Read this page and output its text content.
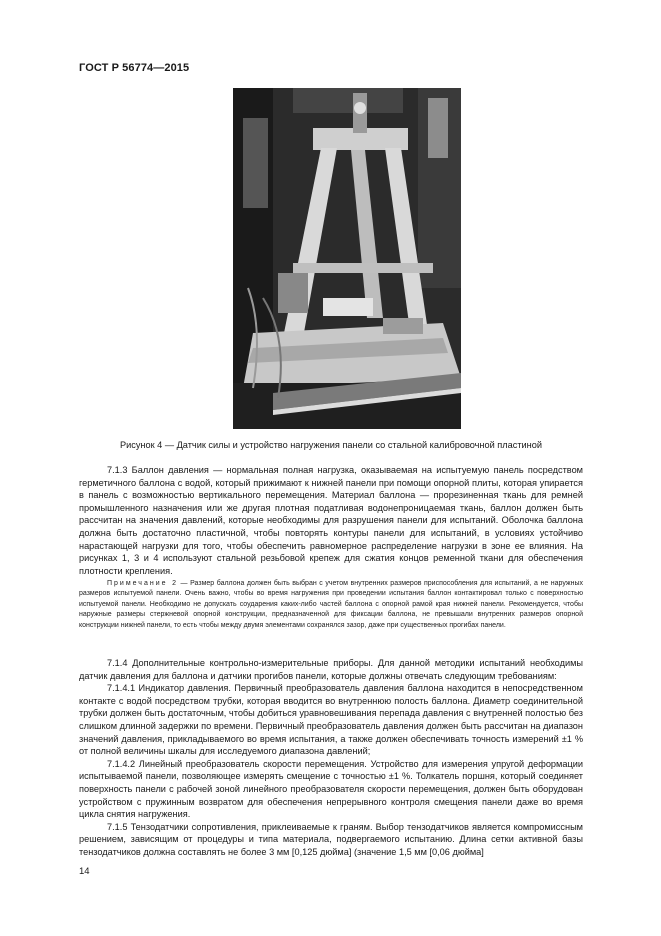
ГОСТ Р 56774—2015
Рисунок 4 — Датчик силы и устройство нагружения панели со стальной калибровочной пластиной

7.1.3 Баллон давления — нормальная полная нагрузка, оказываемая на испытуемую панель посредством герметичного баллона с водой, который прижимают к нижней панели при помощи опорной плиты, которая упирается в панель с возможностью вертикального перемещения. Материал баллона — прорезиненная ткань для ремней промышленного назначения или же другая плотная податливая водонепроницаемая ткань, баллон должен быть рассчитан на значения давлений, которые необходимы для разрушения панели для испытаний. Оболочка баллона должна быть достаточно пластичной, чтобы повторять контуры панели для испытаний, в условиях устойчиво нарастающей нагрузки для того, чтобы обеспечить равномерное распределение нагрузки в зоне ее влияния. На рисунках 1, 3 и 4 используют стальной резьбовой крепеж для сжатия концов ременной ткани для обеспечения плотности крепления.

Примечание 2 — Размер баллона должен быть выбран с учетом внутренних размеров приспособления для испытаний, а не наружных размеров испытуемой панели. Очень важно, чтобы во время нагружения при проведении испытания баллон контактировал только с поверхностью испытуемой панели. Необходимо не допускать соударения каких-либо частей баллона с опорной рамой края нижней панели. Рекомендуется, чтобы наружные размеры стержневой опорной конструкции, предназначенной для фиксации баллона, не превышали внутренних размеров опорной конструкции нижней панели, то есть чтобы между двумя элементами сохранялся зазор, даже при существенных прогибах панели.

7.1.4 Дополнительные контрольно-измерительные приборы. Для данной методики испытаний необходимы датчик давления для баллона и датчики прогибов панели, которые должны отвечать следующим требованиям:

7.1.4.1 Индикатор давления. Первичный преобразователь давления баллона находится в непосредственном контакте с водой посредством трубки, которая вводится во внутреннюю полость баллона. Диаметр соединительной трубки должен быть достаточным, чтобы добиться уравновешивания перепада давления с внутренней полостью без слишком длинной задержки по времени. Первичный преобразователь давления должен быть рассчитан на диапазон значений давления, прикладываемого во время испытания, а также должен обеспечивать точность измерений ±1 % от полной величины шкалы для исследуемого диапазона давлений;

7.1.4.2 Линейный преобразователь скорости перемещения. Устройство для измерения упругой деформации испытываемой панели, позволяющее измерять смещение с точностью ±1 %. Толкатель поршня, который соединяет поверхность панели с рабочей зоной линейного преобразователя скорости перемещения, должен быть оборудован устройством с пружинным возвратом для обеспечения непрерывного контроля смещения панели даже во время цикла снятия нагружения.

7.1.5 Тензодатчики сопротивления, приклеиваемые к граням. Выбор тензодатчиков является компромиссным решением, зависящим от процедуры и типа материала, подвергаемого испытанию. Длина сетки активной базы тензодатчиков должна составлять не более 3 мм [0,125 дюйма] (значение 1,5 мм [0,06 дюйма]

14
